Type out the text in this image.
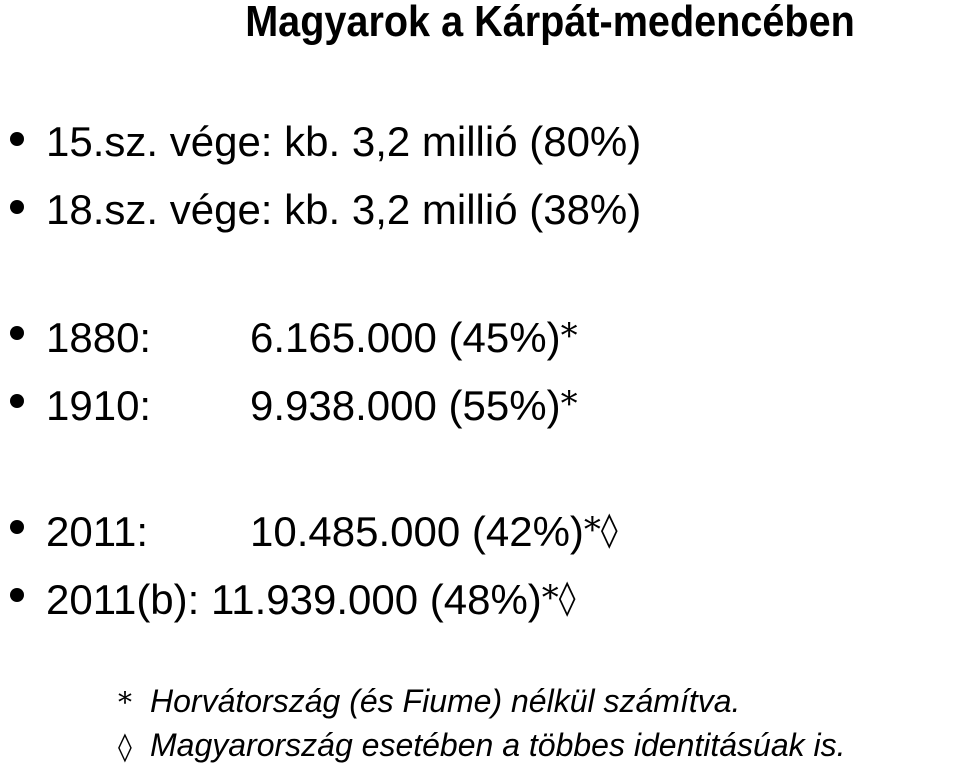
Magyarok a Kárpát-medencében
15.sz. vége: kb. 3,2 millió (80%)
18.sz. vége: kb. 3,2 millió (38%)
1880: 6.165.000 (45%)*
1910: 9.938.000 (55%)*
2011: 10.485.000 (42%)*◊
2011(b): 11.939.000 (48%)*◊
* Horvátország (és Fiume) nélkül számítva.
◊ Magyarország esetében a többes identitásúak is.
